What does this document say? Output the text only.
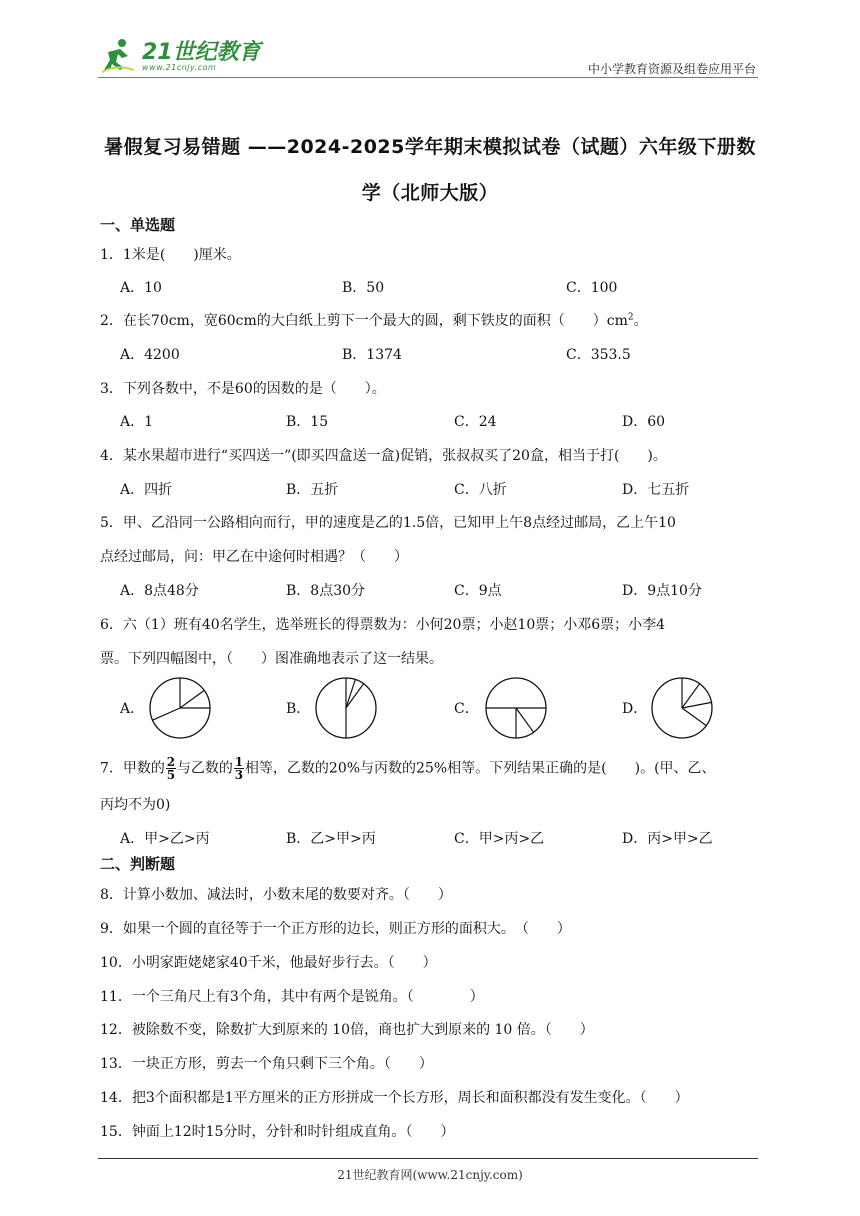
21世纪教育
www.21cnjy.com	中小学教育资源及组卷应用平台
暑假复习易错题 ——2024-2025学年期末模拟试卷（试题）六年级下册数
学（北师大版）
一、单选题
1．1米是(　　)厘米。
A．10	B．50	C．100
2．在长70cm，宽60cm的大白纸上剪下一个最大的圆，剩下铁皮的面积（　　）$cm^2$。
A．4200	B．1374	C．353.5
3．下列各数中，不是60的因数的是（　　）。
A．1	B．15	C．24	D．60
4．某水果超市进行“买四送一”(即买四盒送一盒)促销，张叔叔买了20盒，相当于打(　　)。
A．四折	B．五折	C．八折	D．七五折
5．甲、乙沿同一公路相向而行，甲的速度是乙的1.5倍，已知甲上午8点经过邮局，乙上午10
点经过邮局，问：甲乙在中途何时相遇？（　　）
A．8点48分	B．8点30分	C．9点	D．9点10分
6．六（1）班有40名学生，选举班长的得票数为：小何20票；小赵10票；小邓6票；小李4
票。下列四幅图中，（　　）图准确地表示了这一结果。
A．	B．	C．	D．
7．甲数的 $\frac{2}{5}$ 与乙数的 $\frac{1}{3}$ 相等，乙数的20%与丙数的25%相等。下列结果正确的是(　　)。(甲、乙、
丙均不为0)
A．甲>乙>丙	B．乙>甲>丙	C．甲>丙>乙	D．丙>甲>乙
二、判断题
8．计算小数加、减法时，小数末尾的数要对齐。（　　）
9．如果一个圆的直径等于一个正方形的边长，则正方形的面积大。　（　　）
10．小明家距姥姥家40千米，他最好步行去。（　　）
11．一个三角尺上有3个角，其中有两个是锐角。（　　　　）
12．被除数不变，除数扩大到原来的 10倍，商也扩大到原来的 10 倍。（　　）
13．一块正方形，剪去一个角只剩下三个角。（　　）
14．把3个面积都是1平方厘米的正方形拼成一个长方形，周长和面积都没有发生变化。（　　）
15．钟面上12时15分时，分针和时针组成直角。（　　）
21世纪教育网(www.21cnjy.com)
